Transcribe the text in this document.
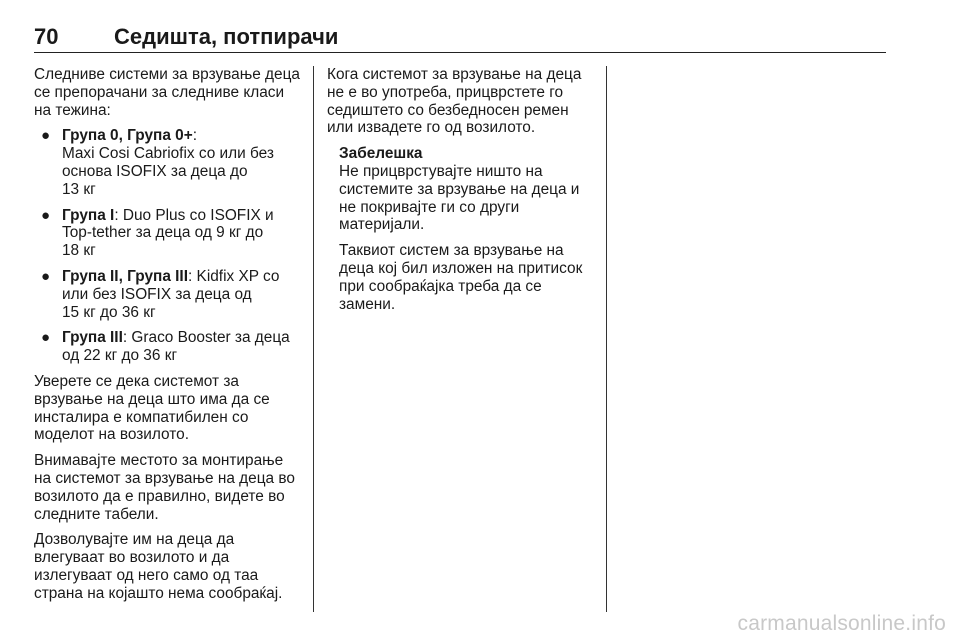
70	Седишта, потпирачи

Следниве системи за врзување деца се препорачани за следниве класи на тежина:

● Група 0, Група 0+:
Maxi Cosi Cabriofix со или без основа ISOFIX за деца до
13 кг
● Група I: Duo Plus со ISOFIX и Top-tether за деца од 9 кг до
18 кг
● Група II, Група III: Kidfix XP со или без ISOFIX за деца од
15 кг до 36 кг
● Група III: Graco Booster за деца од 22 кг до 36 кг

Уверете се дека системот за врзување на деца што има да се инсталира е компатибилен со моделот на возилото.

Внимавајте местото за монтирање на системот за врзување на деца во возилото да е правилно, видете во следните табели.

Дозволувајте им на деца да влегуваат во возилото и да излегуваат од него само од таа страна на којашто нема сообраќај.

Кога системот за врзување на деца не е во употреба, прицврстете го седиштето со безбедносен ремен или извадете го од возилото.

Забелешка

Не прицврстувајте ништо на системите за врзување на деца и не покривајте ги со други материјали.

Таквиот систем за врзување на деца кој бил изложен на притисок при сообраќајка треба да се замени.

carmanualsonline.info
